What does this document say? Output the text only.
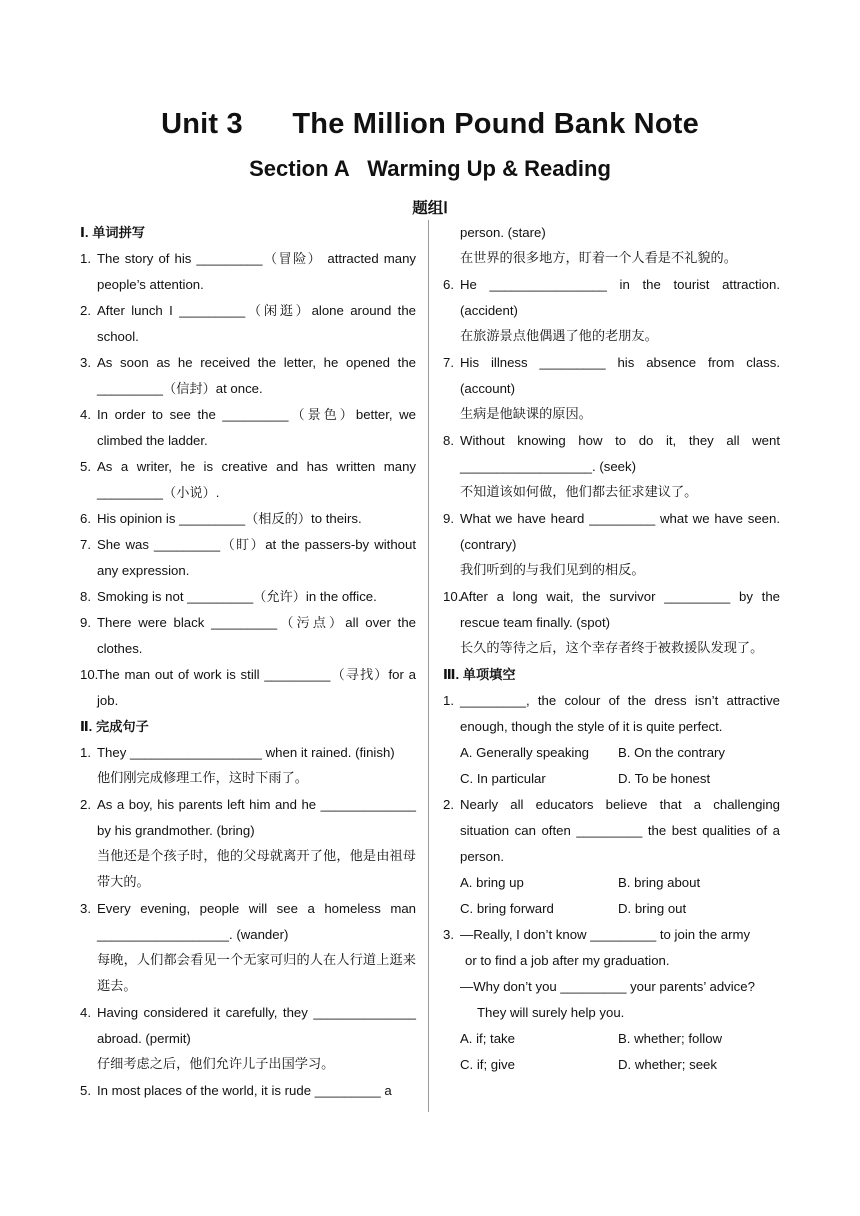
Unit 3      The Million Pound Bank Note
Section A   Warming Up & Reading
题组Ⅰ
Ⅰ. 单词拼写
1. The story of his _________（冒险） attracted many people’s attention.
2. After lunch I _________（闲逛）alone around the school.
3. As soon as he received the letter, he opened the _________（信封）at once.
4. In order to see the _________（景色）better, we climbed the ladder.
5. As a writer, he is creative and has written many _________（小说）.
6. His opinion is _________（相反的）to theirs.
7. She was _________（盯）at the passers-by without any expression.
8. Smoking is not _________（允许）in the office.
9. There were black _________（污点）all over the clothes.
10.
The man out of work is still _________（寻找）for a job.
Ⅱ. 完成句子
1. They __________________ when it rained. (finish)
他们刚完成修理工作，这时下雨了。
2. As a boy, his parents left him and he _____________ by his grandmother. (bring)
当他还是个孩子时，他的父母就离开了他，他是由祖母带大的。
3. Every evening, people will see a homeless man __________________. (wander)
每晚，人们都会看见一个无家可归的人在人行道上逛来逛去。
4. Having considered it carefully, they ______________ abroad. (permit)
仔细考虑之后，他们允许儿子出国学习。
5. In most places of the world, it is rude _________ a
person. (stare)
在世界的很多地方，盯着一个人看是不礼貌的。
6. He ________________ in the tourist attraction. (accident)
在旅游景点他偶遇了他的老朋友。
7. His illness _________ his absence from class. (account)
生病是他缺课的原因。
8. Without knowing how to do it, they all went __________________. (seek)
不知道该如何做，他们都去征求建议了。
9. What we have heard _________ what we have seen. (contrary)
我们听到的与我们见到的相反。
10.
After a long wait, the survivor _________ by the rescue team finally. (spot)
长久的等待之后，这个幸存者终于被救援队发现了。
Ⅲ. 单项填空
1. _________, the colour of the dress isn’t attractive enough, though the style of it is quite perfect.
A. Generally speaking	B. On the contrary
C. In particular	D. To be honest
2. Nearly all educators believe that a challenging situation can often _________ the best qualities of a person.
A. bring up	B. bring about
C. bring forward	D. bring out
3. —Really, I don’t know _________ to join the army
or to find a job after my graduation.
—Why don’t you _________ your parents’ advice?
They will surely help you.
A. if; take	B. whether; follow
C. if; give	D. whether; seek
